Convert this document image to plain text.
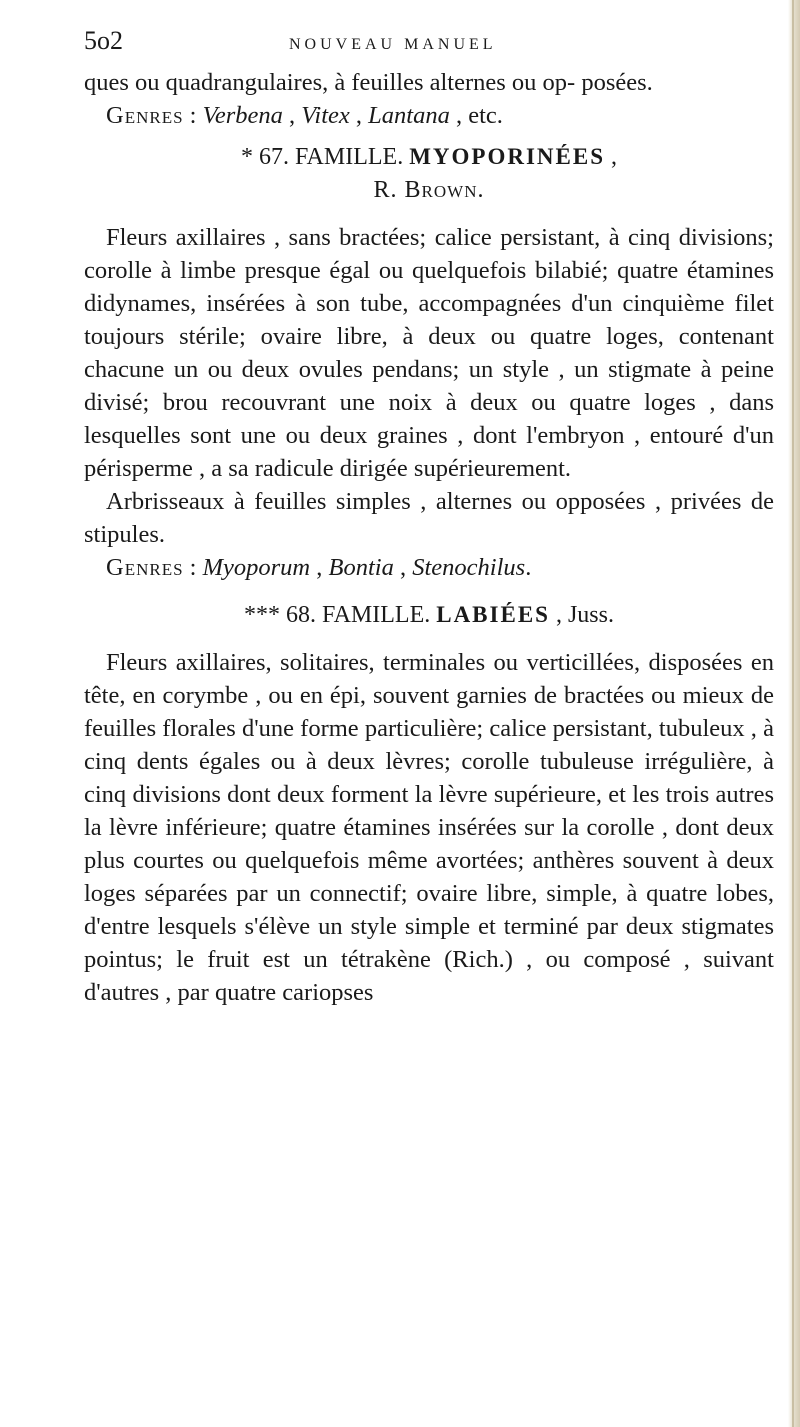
5o2	NOUVEAU MANUEL

ques ou quadrangulaires, à feuilles alternes ou op- posées.

Genres : Verbena , Vitex , Lantana , etc.

* 67. FAMILLE. MYOPORINÉES ,
R. Brown.

Fleurs axillaires , sans bractées; calice persistant, à cinq divisions; corolle à limbe presque égal ou quelquefois bilabié; quatre étamines didynames, insérées à son tube, accompagnées d'un cinquième filet toujours stérile; ovaire libre, à deux ou quatre loges, contenant chacune un ou deux ovules pendans; un style , un stigmate à peine divisé; brou recouvrant une noix à deux ou quatre loges , dans lesquelles sont une ou deux graines , dont l'embryon , entouré d'un périsperme , a sa radicule dirigée supérieurement.

Arbrisseaux à feuilles simples , alternes ou opposées , privées de stipules.

Genres : Myoporum , Bontia , Stenochilus.

*** 68. FAMILLE. LABIÉES , Juss.

Fleurs axillaires, solitaires, terminales ou verticillées, disposées en tête, en corymbe , ou en épi, souvent garnies de bractées ou mieux de feuilles florales d'une forme particulière; calice persistant, tubuleux , à cinq dents égales ou à deux lèvres; corolle tubuleuse irrégulière, à cinq divisions dont deux forment la lèvre supérieure, et les trois autres la lèvre inférieure; quatre étamines insérées sur la corolle , dont deux plus courtes ou quelquefois même avortées; anthères souvent à deux loges séparées par un connectif; ovaire libre, simple, à quatre lobes, d'entre lesquels s'élève un style simple et terminé par deux stigmates pointus; le fruit est un tétrakène (Rich.) , ou composé , suivant d'autres , par quatre cariopses
